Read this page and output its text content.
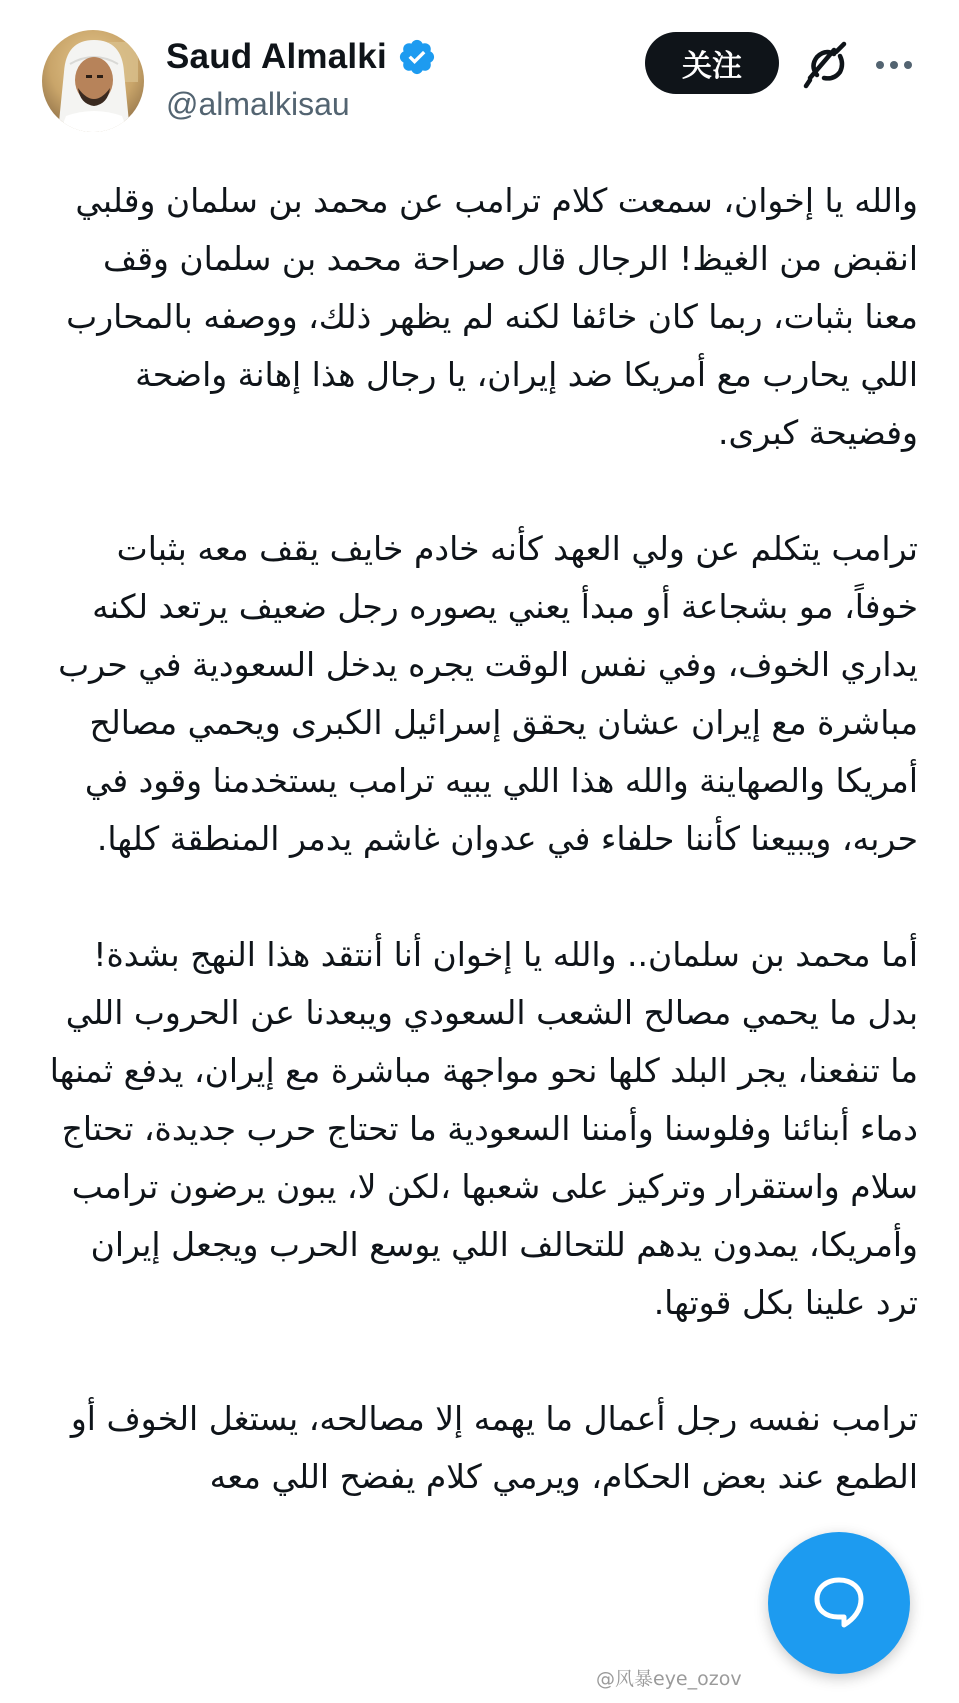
Saud Almalki
@almalkisau
关注

والله يا إخوان، سمعت كلام ترامب عن محمد بن سلمان وقلبي انقبض من الغيظ! الرجال قال صراحة محمد بن سلمان وقف معنا بثبات، ربما كان خائفا لكنه لم يظهر ذلك، ووصفه بالمحارب اللي يحارب مع أمريكا ضد إيران، يا رجال هذا إهانة واضحة وفضيحة كبرى.

ترامب يتكلم عن ولي العهد كأنه خادم خايف يقف معه بثبات خوفاً، مو بشجاعة أو مبدأ يعني يصوره رجل ضعيف يرتعد لكنه يداري الخوف، وفي نفس الوقت يجره يدخل السعودية في حرب مباشرة مع إيران عشان يحقق إسرائيل الكبرى ويحمي مصالح أمريكا والصهاينة والله هذا اللي يبيه ترامب يستخدمنا وقود في حربه، ويبيعنا كأننا حلفاء في عدوان غاشم يدمر المنطقة كلها.

أما محمد بن سلمان.. والله يا إخوان أنا أنتقد هذا النهج بشدة! بدل ما يحمي مصالح الشعب السعودي ويبعدنا عن الحروب اللي ما تنفعنا، يجر البلد كلها نحو مواجهة مباشرة مع إيران، يدفع ثمنها دماء أبنائنا وفلوسنا وأمننا السعودية ما تحتاج حرب جديدة، تحتاج سلام واستقرار وتركيز على شعبها ،لكن لا، يبون يرضون ترامب وأمريكا، يمدون يدهم للتحالف اللي يوسع الحرب ويجعل إيران ترد علينا بكل قوتها.

ترامب نفسه رجل أعمال ما يهمه إلا مصالحه، يستغل الخوف أو الطمع عند بعض الحكام، ويرمي كلام يفضح اللي معه

@风暴eye_ozov
